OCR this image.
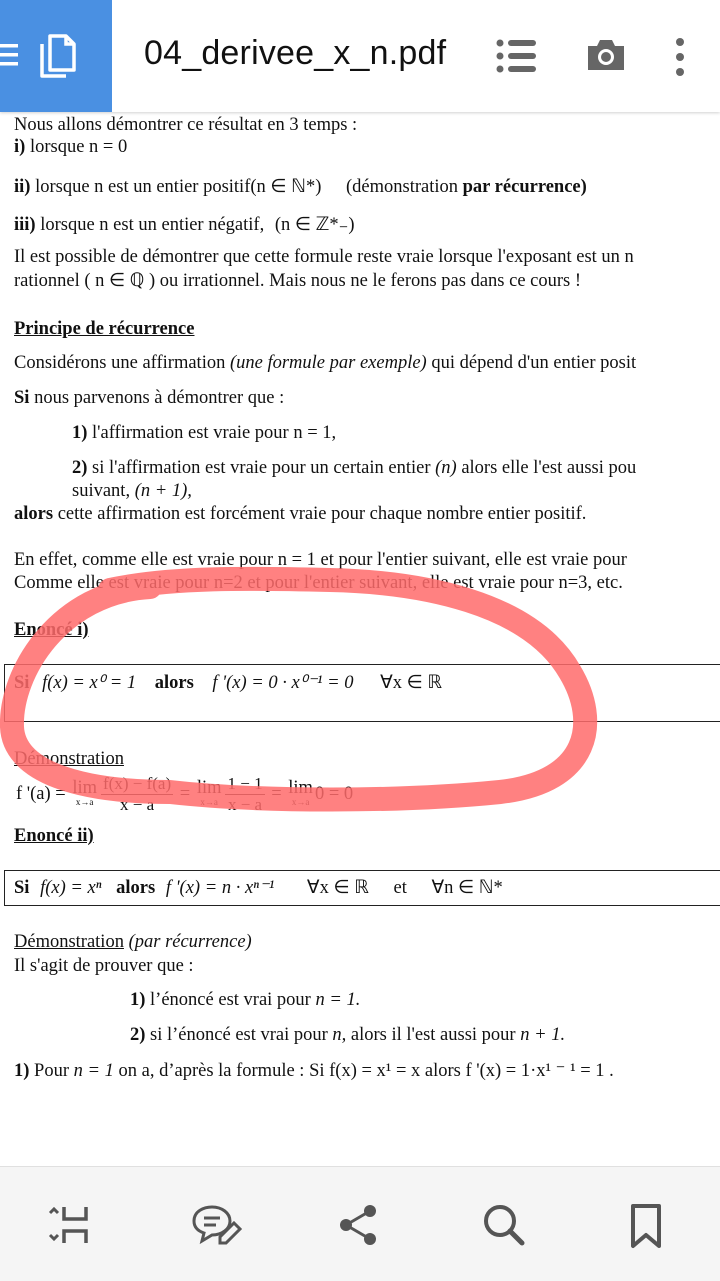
04_derivee_x_n.pdf
Nous allons démontrer ce résultat en 3 temps :
i) lorsque n = 0
ii) lorsque n est un entier positif(n ∈ ℕ*) (démonstration par récurrence)
iii) lorsque n est un entier négatif, (n ∈ ℤ*₋)
Il est possible de démontrer que cette formule reste vraie lorsque l'exposant est un n
rationnel ( n ∈ ℚ ) ou irrationnel. Mais nous ne le ferons pas dans ce cours !
Principe de récurrence
Considérons une affirmation (une formule par exemple) qui dépend d'un entier posit
Si nous parvenons à démontrer que :
1) l'affirmation est vraie pour n = 1,
2) si l'affirmation est vraie pour un certain entier (n) alors elle l'est aussi pou
suivant, (n + 1),
alors cette affirmation est forcément vraie pour chaque nombre entier positif.
En effet, comme elle est vraie pour n = 1 et pour l'entier suivant, elle est vraie pour
Comme elle est vraie pour n=2 et pour l'entier suivant, elle est vraie pour n=3, etc.
Enoncé i)
Si f(x) = x⁰ = 1 alors f '(x) = 0 · x⁰⁻¹ = 0 ∀x ∈ ℝ
Démonstration
f '(a) = lim
$x\to a \frac{f(x) - f(a)}{x - a} = \lim$
$x\to a \frac{1 - 1}{x - a} = \lim$
x→a 0 = 0
Enoncé ii)
Si f(x) = xⁿ alors f '(x) = n · xⁿ⁻¹ ∀x ∈ ℝ et ∀n ∈ ℕ*
Démonstration (par récurrence)
Il s'agit de prouver que :
1) l’énoncé est vrai pour n = 1.
2) si l’énoncé est vrai pour n, alors il l'est aussi pour n + 1.
1) Pour n = 1 on a, d’après la formule : Si f(x) = x¹ = x alors f '(x) = 1·x¹ ⁻ ¹ = 1 .
